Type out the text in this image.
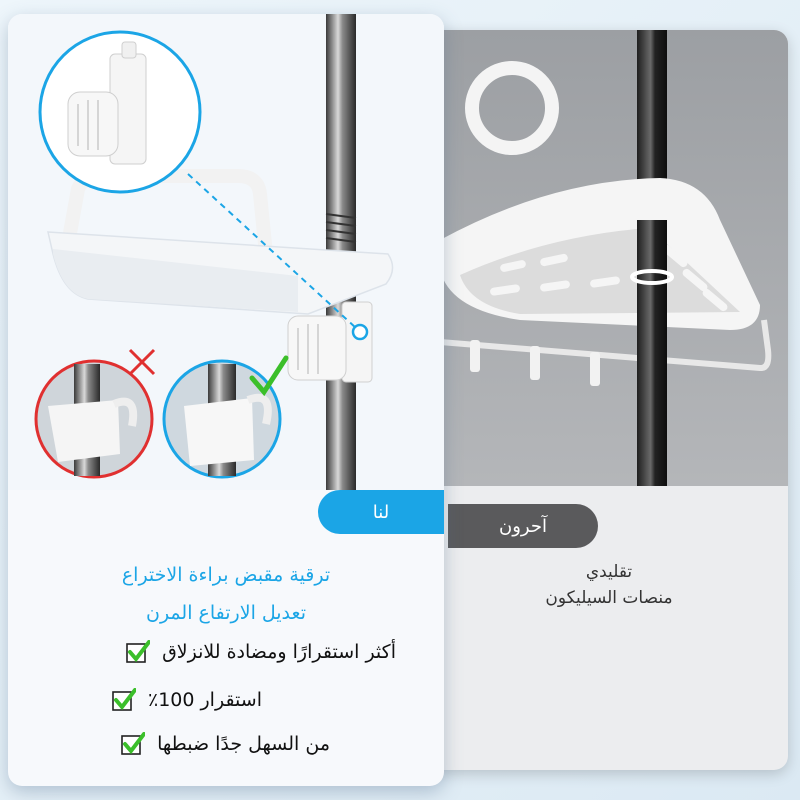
آحرون
تقليدي
منصات السيليكون
لنا
ترقية مقبض براءة الاختراع
تعديل الارتفاع المرن
أكثر استقرارًا ومضادة للانزلاق
استقرار 100٪
من السهل جدًا ضبطها
